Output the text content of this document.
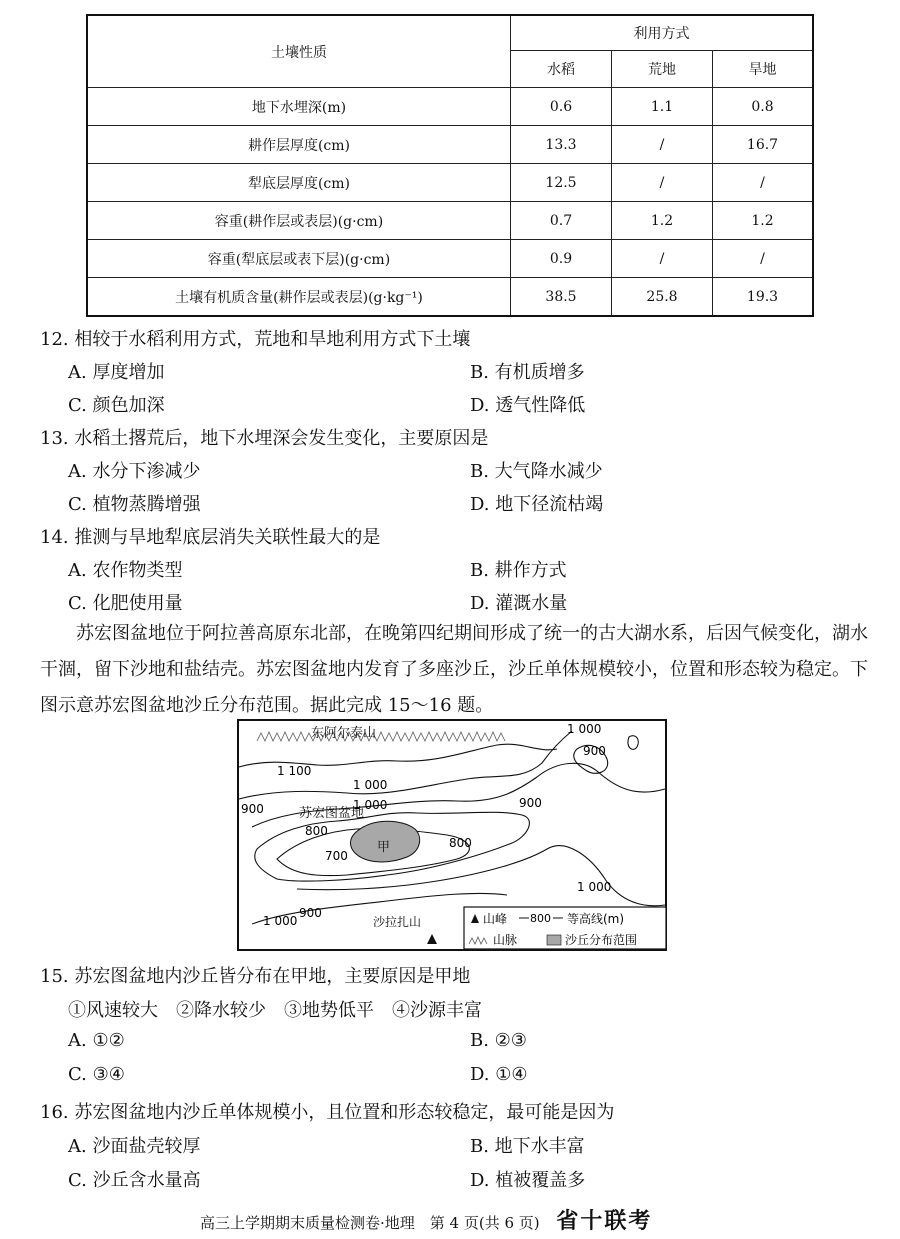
土壤性质	利用方式		
	水稻	荒地	旱地
地下水埋深(m)	0.6	1.1	0.8
耕作层厚度(cm)	13.3	/	16.7
犁底层厚度(cm)	12.5	/	/
容重(耕作层或表层)(g·cm)	0.7	1.2	1.2
容重(犁底层或表下层)(g·cm)	0.9	/	/
土壤有机质含量(耕作层或表层)(g·kg⁻¹)	38.5	25.8	19.3
12. 相较于水稻利用方式，荒地和旱地利用方式下土壤
A. 厚度增加	B. 有机质增多
C. 颜色加深	D. 透气性降低
13. 水稻土撂荒后，地下水埋深会发生变化，主要原因是
A. 水分下渗减少	B. 大气降水减少
C. 植物蒸腾增强	D. 地下径流枯竭
14. 推测与旱地犁底层消失关联性最大的是
A. 农作物类型	B. 耕作方式
C. 化肥使用量	D. 灌溉水量
苏宏图盆地位于阿拉善高原东北部，在晚第四纪期间形成了统一的古大湖水系，后因气候变化，湖水干涸，留下沙地和盐结壳。苏宏图盆地内发育了多座沙丘，沙丘单体规模较小，位置和形态较为稳定。下图示意苏宏图盆地沙丘分布范围。据此完成 15～16 题。
甲
东阿尔泰山
苏宏图盆地
1 000
900
1 000
1 100
1 000
900	900
800
700
800
1 000
900
1 000	沙拉扎山	山峰 800 等高线(m)
山脉	沙丘分布范围
15. 苏宏图盆地内沙丘皆分布在甲地，主要原因是甲地
①风速较大　②降水较少　③地势低平　④沙源丰富
A. ①②	B. ②③
C. ③④	D. ①④
16. 苏宏图盆地内沙丘单体规模小，且位置和形态较稳定，最可能是因为
A. 沙面盐壳较厚	B. 地下水丰富
C. 沙丘含水量高	D. 植被覆盖多
高三上学期期末质量检测卷·地理　第 4 页(共 6 页) 省十联考
